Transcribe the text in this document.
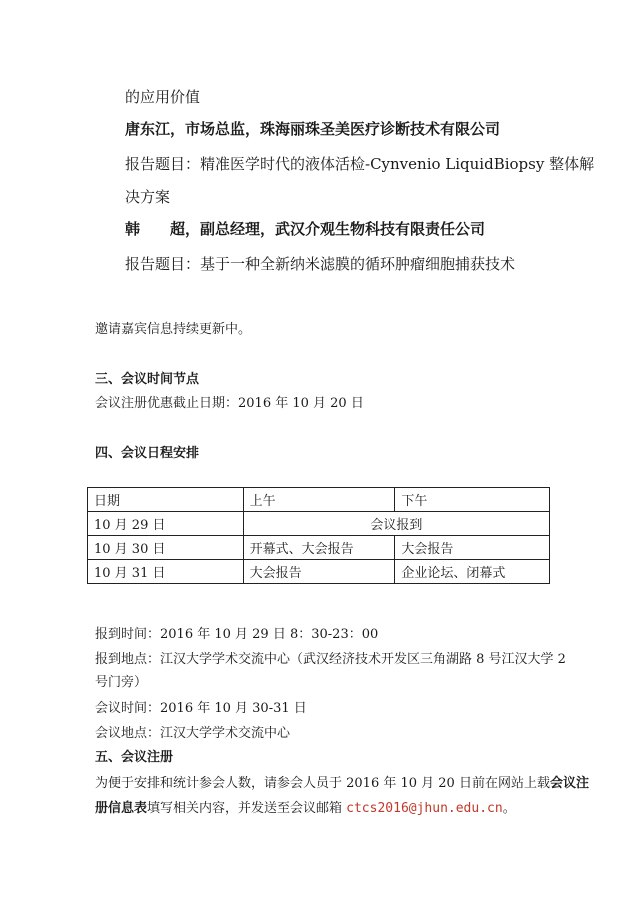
的应用价值
唐东江，市场总监，珠海丽珠圣美医疗诊断技术有限公司
报告题目：精准医学时代的液体活检-Cynvenio LiquidBiopsy 整体解
决方案
韩　　超，副总经理，武汉介观生物科技有限责任公司
报告题目：基于一种全新纳米滤膜的循环肿瘤细胞捕获技术
邀请嘉宾信息持续更新中。
三、会议时间节点
会议注册优惠截止日期：2016 年 10 月 20 日
四、会议日程安排
日期	上午	下午
10 月 29 日	会议报到	
10 月 30 日	开幕式、大会报告	大会报告
10 月 31 日	大会报告	企业论坛、闭幕式
报到时间：2016 年 10 月 29 日 8：30-23：00
报到地点：江汉大学学术交流中心（武汉经济技术开发区三角湖路 8 号江汉大学 2
号门旁）
会议时间：2016 年 10 月 30-31 日
会议地点：江汉大学学术交流中心
五、会议注册
为便于安排和统计参会人数，请参会人员于 2016 年 10 月 20 日前在网站上载会议注
册信息表填写相关内容，并发送至会议邮箱 ctcs2016@jhun.edu.cn。
